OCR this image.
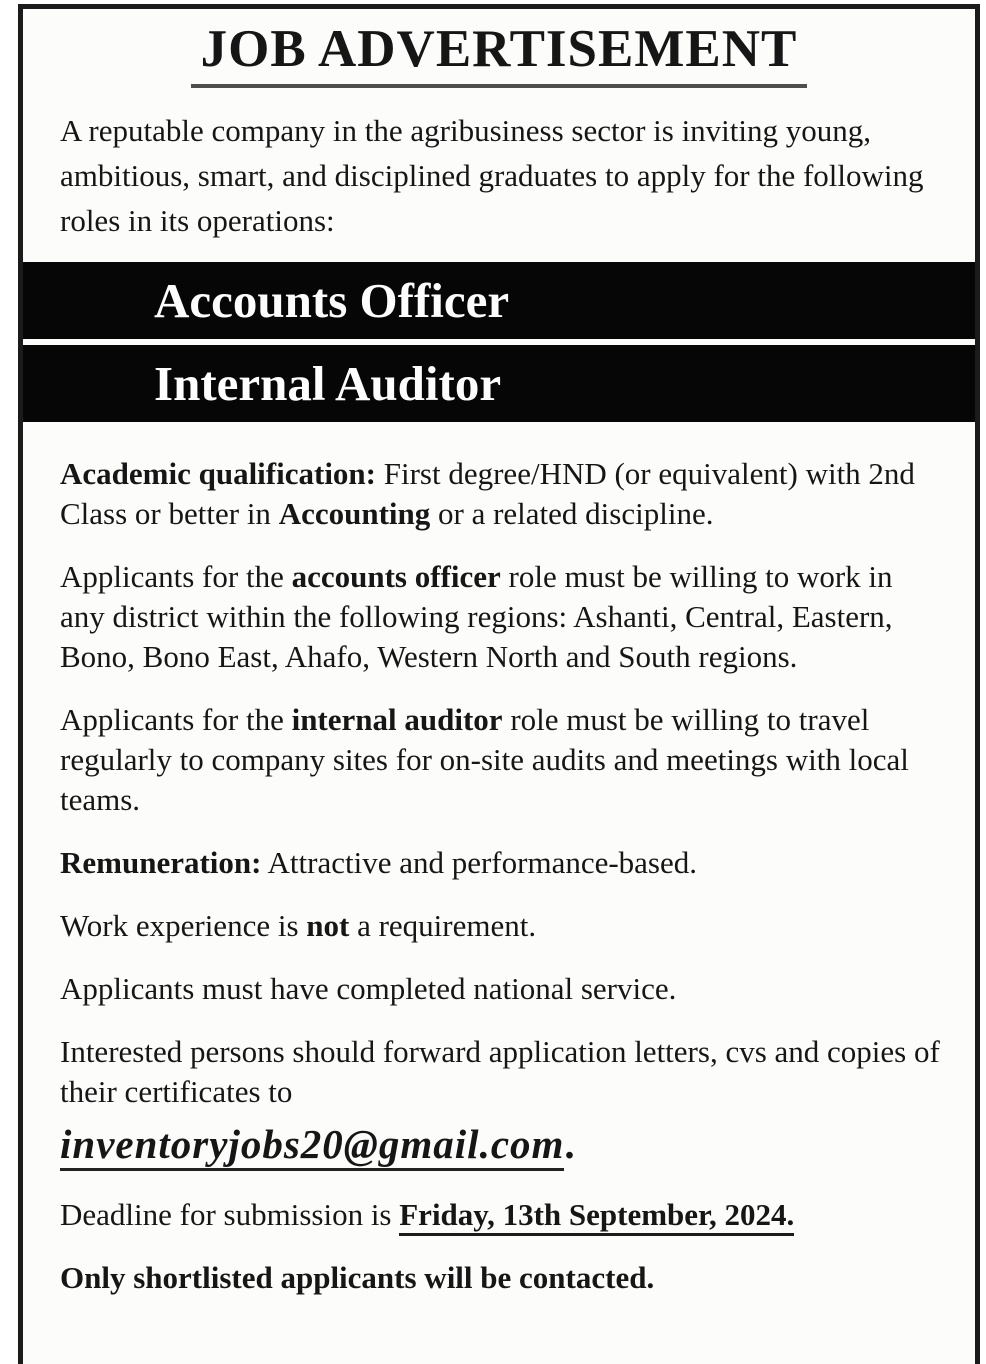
JOB ADVERTISEMENT

A reputable company in the agribusiness sector is inviting young, ambitious, smart, and disciplined graduates to apply for the following roles in its operations:

Accounts Officer
Internal Auditor

Academic qualification: First degree/HND (or equivalent) with 2nd Class or better in Accounting or a related discipline.

Applicants for the accounts officer role must be willing to work in any district within the following regions: Ashanti, Central, Eastern, Bono, Bono East, Ahafo, Western North and South regions.

Applicants for the internal auditor role must be willing to travel regularly to company sites for on-site audits and meetings with local teams.

Remuneration: Attractive and performance-based.

Work experience is not a requirement.

Applicants must have completed national service.

Interested persons should forward application letters, cvs and copies of their certificates to
inventoryjobs20@gmail.com.

Deadline for submission is Friday, 13th September, 2024.

Only shortlisted applicants will be contacted.
